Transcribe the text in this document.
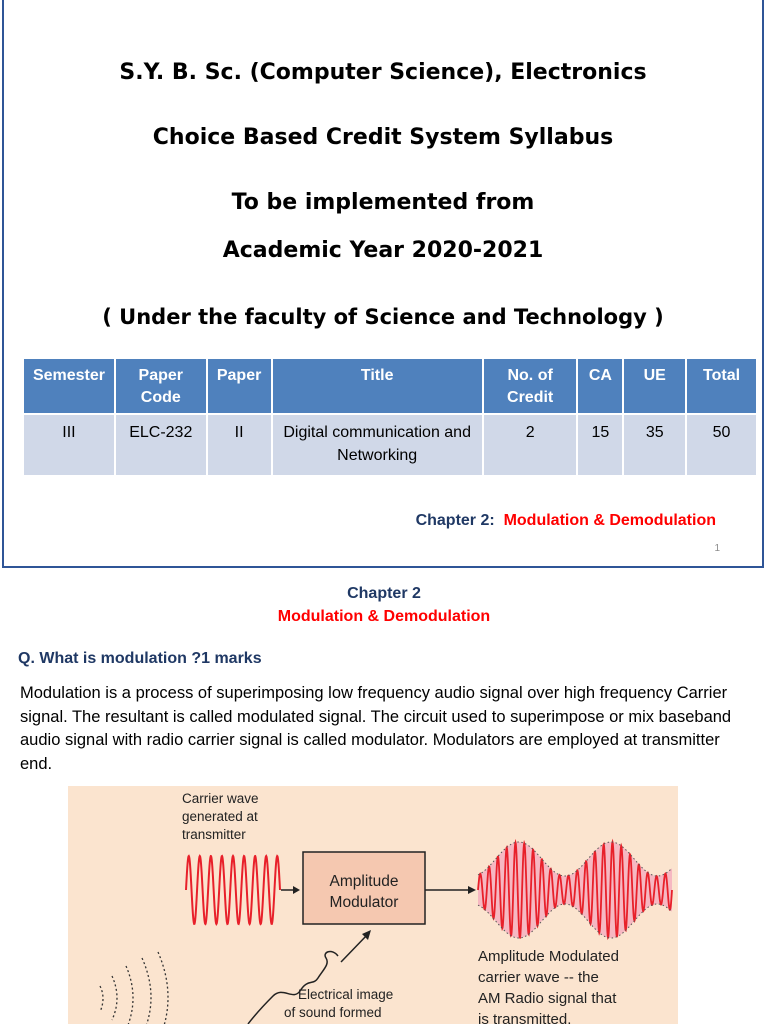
S.Y. B. Sc. (Computer Science), Electronics
Choice Based Credit System Syllabus
To be implemented from
Academic Year 2020-2021
( Under the faculty of Science and Technology )
Semester	Paper Code	Paper	Title	No. of Credit	CA	UE	Total
III	ELC-232	II	Digital communication and Networking	2	15	35	50
Chapter 2: Modulation & Demodulation
1
Chapter 2
Modulation & Demodulation
Q. What is modulation ?1 marks
Modulation is a process of superimposing low frequency audio signal over high frequency Carrier signal. The resultant is called modulated signal. The circuit used to superimpose or mix baseband audio signal with radio carrier signal is called modulator. Modulators are employed at transmitter end.
Carrier wave
generated at
transmitter
Amplitude
Modulator
Amplitude Modulated
carrier wave -- the
AM Radio signal that
is transmitted.
Electrical image
of sound formed
